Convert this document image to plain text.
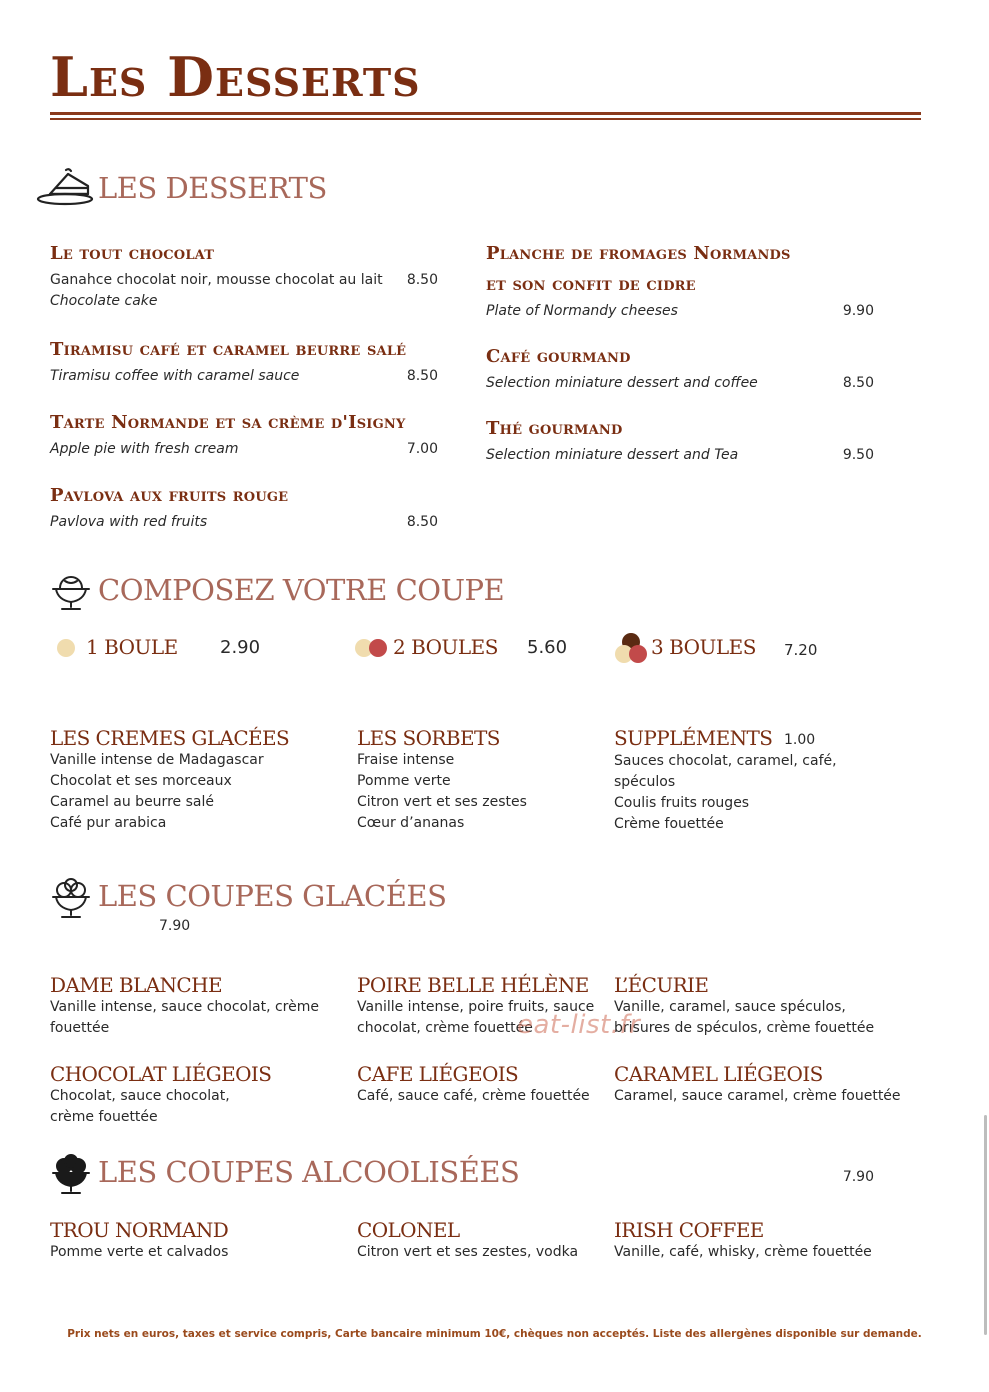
Les Desserts
LES DESSERTS
Le tout chocolat
Ganahce chocolat noir, mousse chocolat au lait
Chocolate cake
8.50
Tiramisu café et caramel beurre salé
Tiramisu coffee with caramel sauce	8.50
Tarte Normande et sa crème d'Isigny
Apple pie with fresh cream	7.00
Pavlova aux fruits rouge
Pavlova with red fruits	8.50
Planche de fromages Normands
et son confit de cidre
Plate of Normandy cheeses	9.90
Café gourmand
Selection miniature dessert and coffee	8.50
Thé gourmand
Selection miniature dessert and Tea	9.50
COMPOSEZ VOTRE COUPE
1 BOULE 2.90	2 BOULES 5.60	3 BOULES 7.20
LES CREMES GLACÉES
Vanille intense de Madagascar
Chocolat et ses morceaux
Caramel au beurre salé
Café pur arabica
LES SORBETS
Fraise intense
Pomme verte
Citron vert et ses zestes
Cœur d’ananas
SUPPLÉMENTS 1.00
Sauces chocolat, caramel, café,
spéculos
Coulis fruits rouges
Crème fouettée
LES COUPES GLACÉES
7.90
DAME BLANCHE
Vanille intense, sauce chocolat, crème
fouettée
POIRE BELLE HÉLÈNE
Vanille intense, poire fruits, sauce
chocolat, crème fouettée
L’ÉCURIE
Vanille, caramel, sauce spéculos,
brisures de spéculos, crème fouettée
CHOCOLAT LIÉGEOIS
Chocolat, sauce chocolat,
crème fouettée
CAFE LIÉGEOIS
Café, sauce café, crème fouettée
CARAMEL LIÉGEOIS
Caramel, sauce caramel, crème fouettée
LES COUPES ALCOOLISÉES	7.90
TROU NORMAND
Pomme verte et calvados
COLONEL
Citron vert et ses zestes, vodka
IRISH COFFEE
Vanille, café, whisky, crème fouettée
eat-list.fr
Prix nets en euros, taxes et service compris, Carte bancaire minimum 10€, chèques non acceptés. Liste des allergènes disponible sur demande.
